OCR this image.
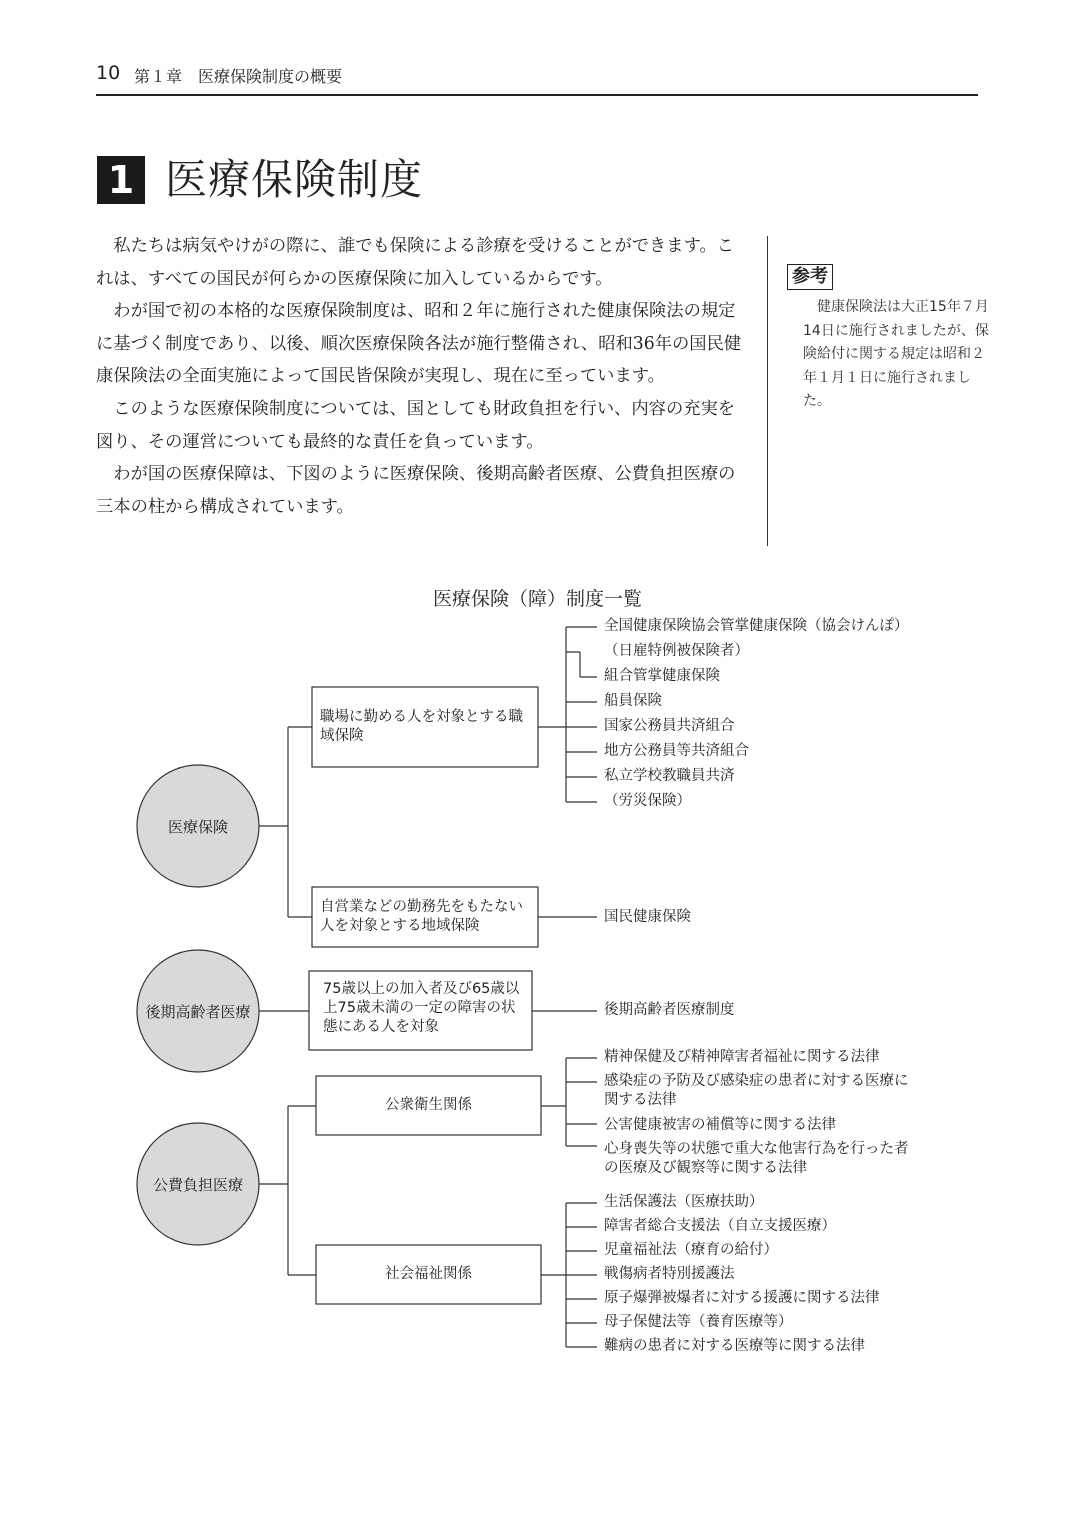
10 第１章　医療保険制度の概要
1 医療保険制度

私たちは病気やけがの際に、誰でも保険による診療を受けることができます。これは、すべての国民が何らかの医療保険に加入しているからです。

わが国で初の本格的な医療保険制度は、昭和２年に施行された健康保険法の規定に基づく制度であり、以後、順次医療保険各法が施行整備され、昭和36年の国民健康保険法の全面実施によって国民皆保険が実現し、現在に至っています。

このような医療保険制度については、国としても財政負担を行い、内容の充実を図り、その運営についても最終的な責任を負っています。

わが国の医療保障は、下図のように医療保険、後期高齢者医療、公費負担医療の三本の柱から構成されています。

参考
健康保険法は大正15年７月14日に施行されましたが、保険給付に関する規定は昭和２年１月１日に施行されました。
医療保険（障）制度一覧
医療保険
後期高齢者医療
公費負担医療
職場に勤める人を対象とする職域保険
自営業などの勤務先をもたない人を対象とする地域保険
75歳以上の加入者及び65歳以上75歳未満の一定の障害の状態にある人を対象
公衆衛生関係
社会福祉関係
全国健康保険協会管掌健康保険（協会けんぽ）
（日雇特例被保険者）
組合管掌健康保険
船員保険
国家公務員共済組合
地方公務員等共済組合
私立学校教職員共済
（労災保険）
国民健康保険
後期高齢者医療制度
精神保健及び精神障害者福祉に関する法律
感染症の予防及び感染症の患者に対する医療に関する法律
公害健康被害の補償等に関する法律
心身喪失等の状態で重大な他害行為を行った者の医療及び観察等に関する法律
生活保護法（医療扶助）
障害者総合支援法（自立支援医療）
児童福祉法（療育の給付）
戦傷病者特別援護法
原子爆弾被爆者に対する援護に関する法律
母子保健法等（養育医療等）
難病の患者に対する医療等に関する法律
